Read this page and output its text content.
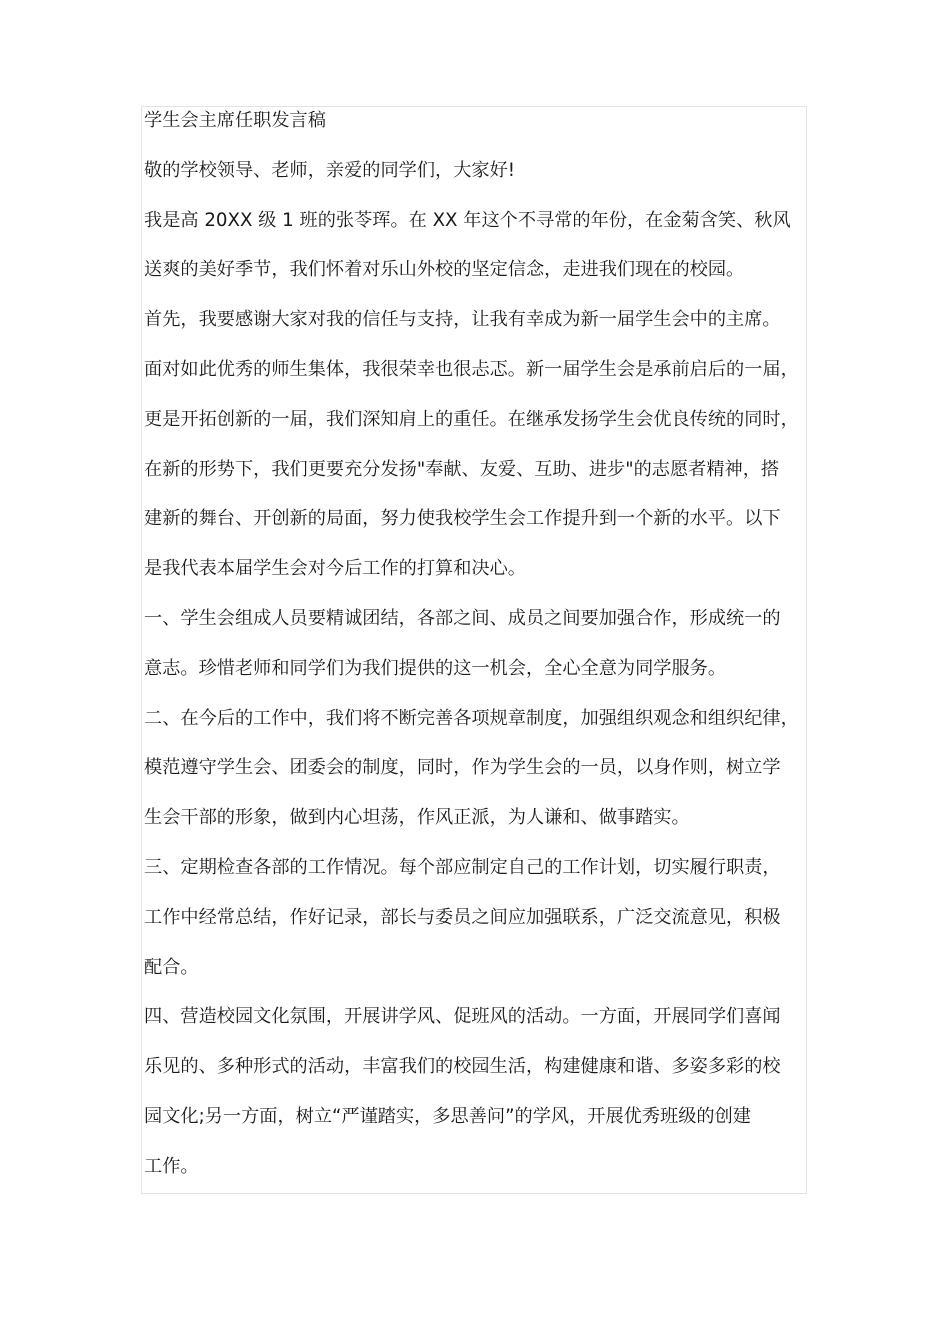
学生会主席任职发言稿
敬的学校领导、老师，亲爱的同学们，大家好!
我是高 20XX 级 1 班的张苓珲。在 XX 年这个不寻常的年份，在金菊含笑、秋风
送爽的美好季节，我们怀着对乐山外校的坚定信念，走进我们现在的校园。
首先，我要感谢大家对我的信任与支持，让我有幸成为新一届学生会中的主席。
面对如此优秀的师生集体，我很荣幸也很忐忑。新一届学生会是承前启后的一届，
更是开拓创新的一届，我们深知肩上的重任。在继承发扬学生会优良传统的同时，
在新的形势下，我们更要充分发扬"奉献、友爱、互助、进步"的志愿者精神，搭
建新的舞台、开创新的局面，努力使我校学生会工作提升到一个新的水平。以下
是我代表本届学生会对今后工作的打算和决心。
一、学生会组成人员要精诚团结，各部之间、成员之间要加强合作，形成统一的
意志。珍惜老师和同学们为我们提供的这一机会，全心全意为同学服务。
二、在今后的工作中，我们将不断完善各项规章制度，加强组织观念和组织纪律，
模范遵守学生会、团委会的制度，同时，作为学生会的一员，以身作则，树立学
生会干部的形象，做到内心坦荡，作风正派，为人谦和、做事踏实。
三、定期检查各部的工作情况。每个部应制定自己的工作计划，切实履行职责，
工作中经常总结，作好记录，部长与委员之间应加强联系，广泛交流意见，积极
配合。
四、营造校园文化氛围，开展讲学风、促班风的活动。一方面，开展同学们喜闻
乐见的、多种形式的活动，丰富我们的校园生活，构建健康和谐、多姿多彩的校
园文化;另一方面，树立“严谨踏实，多思善问”的学风，开展优秀班级的创建
工作。
